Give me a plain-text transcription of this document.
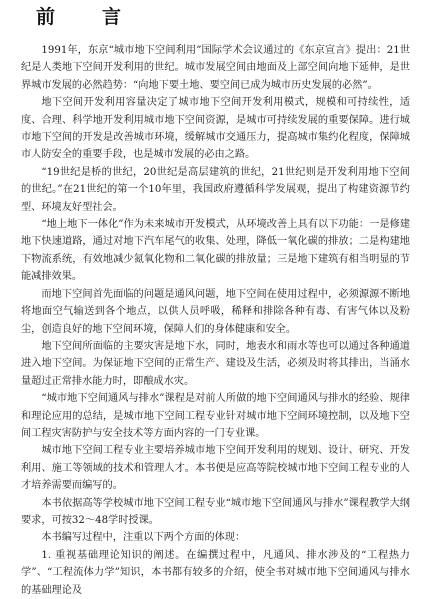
前　言

1991年，东京“城市地下空间利用”国际学术会议通过的《东京宣言》提出：21世纪是人类地下空间开发利用的世纪。城市发展空间由地面及上部空间向地下延伸，是世界城市发展的必然趋势：“向地下要土地、要空间已成为城市历史发展的必然”。

地下空间开发利用容量决定了城市地下空间开发利用模式，规模和可持续性，适度、合理、科学地开发利用城市地下空间资源，是城市可持续发展的重要保障。进行城市地下空间的开发是改善城市环境，缓解城市交通压力，提高城市集约化程度，保障城市人防安全的重要手段，也是城市发展的必由之路。

“19世纪是桥的世纪，20世纪是高层建筑的世纪，21世纪则是开发利用地下空间的世纪。”在21世纪的第一个10年里，我国政府遵循科学发展观，提出了构建资源节约型、环境友好型社会。

“地上地下一体化”作为未来城市开发模式，从环境改善上具有以下功能：一是修建地下快速道路，通过对地下汽车尾气的收集、处理，降低一氧化碳的排放；二是构建地下物流系统，有效地减少氮氧化物和二氧化碳的排放量；三是地下建筑有相当明显的节能减排效果。

而地下空间首先面临的问题是通风问题，地下空间在使用过程中，必须源源不断地将地面空气输送到各个地点，以供人员呼吸，稀释和排除各种有毒、有害气体以及粉尘，创造良好的地下空间环境，保障人们的身体健康和安全。

地下空间所面临的主要灾害是地下水，同时，地表水和雨水等也可以通过各种通道进入地下空间。为保证地下空间的正常生产、建设及生活，必须及时将其排出，当涌水量超过正常排水能力时，即酿成水灾。

“城市地下空间通风与排水”课程是对前人所做的地下空间通风与排水的经验、规律和理论应用的总结，是城市地下空间工程专业针对城市地下空间环境控制，以及地下空间工程灾害防护与安全技术等方面内容的一门专业课。

城市地下空间工程专业主要培养城市地下空间开发利用的规划、设计、研究、开发利用、施工等领域的技术和管理人才。本书便是应高等院校城市地下空间工程专业的人才培养需要而编写的。

本书依据高等学校城市地下空间工程专业“城市地下空间通风与排水”课程教学大纲要求，可按32～48学时授课。

本书编写过程中，注重以下两个方面的体现：

1. 重视基础理论知识的阐述。在编撰过程中，凡通风、排水涉及的“工程热力学”、“工程流体力学”知识，本书都有较多的介绍，使全书对城市地下空间通风与排水的基础理论及
